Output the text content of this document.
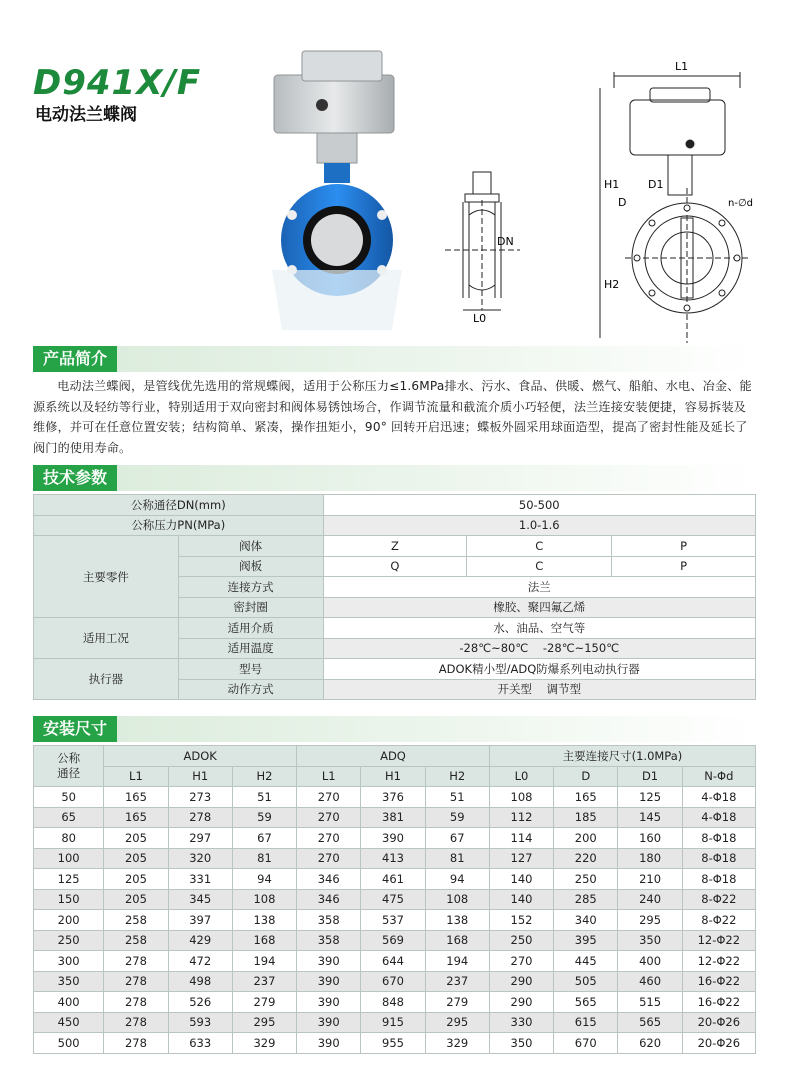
D941X/F
电动法兰蝶阀
DN
L0
L1
H1
H2
D
D1
n-∅d
产品简介
电动法兰蝶阀，是管线优先选用的常规蝶阀，适用于公称压力≤1.6MPa排水、污水、食品、供暖、燃气、船舶、水电、冶金、能源系统以及轻纺等行业，特别适用于双向密封和阀体易锈蚀场合，作调节流量和截流介质小巧轻便，法兰连接安装便捷，容易拆装及维修，并可在任意位置安装；结构简单、紧凑，操作扭矩小，90° 回转开启迅速；蝶板外圆采用球面造型，提高了密封性能及延长了阀门的使用寿命。
技术参数
公称通径DN(mm)		50-500		
公称压力PN(MPa)		1.0-1.6		
主要零件	阀体	Z	C	P
	阀板	Q	C	P
	连接方式	法兰		
	密封圈	橡胶、聚四氟乙烯		
适用工况	适用介质	水、油品、空气等		
	适用温度	-28℃~80℃    -28℃~150℃		
执行器	型号	ADOK精小型/ADQ防爆系列电动执行器		
	动作方式	开关型    调节型		
安装尺寸
公称
通径	ADOK			ADQ			主要连接尺寸(1.0MPa)			
	L1	H1	H2	L1	H1	H2	L0	D	D1	N-Φd
50	165	273	51	270	376	51	108	165	125	4-Φ18
65	165	278	59	270	381	59	112	185	145	4-Φ18
80	205	297	67	270	390	67	114	200	160	8-Φ18
100	205	320	81	270	413	81	127	220	180	8-Φ18
125	205	331	94	346	461	94	140	250	210	8-Φ18
150	205	345	108	346	475	108	140	285	240	8-Φ22
200	258	397	138	358	537	138	152	340	295	8-Φ22
250	258	429	168	358	569	168	250	395	350	12-Φ22
300	278	472	194	390	644	194	270	445	400	12-Φ22
350	278	498	237	390	670	237	290	505	460	16-Φ22
400	278	526	279	390	848	279	290	565	515	16-Φ22
450	278	593	295	390	915	295	330	615	565	20-Φ26
500	278	633	329	390	955	329	350	670	620	20-Φ26
